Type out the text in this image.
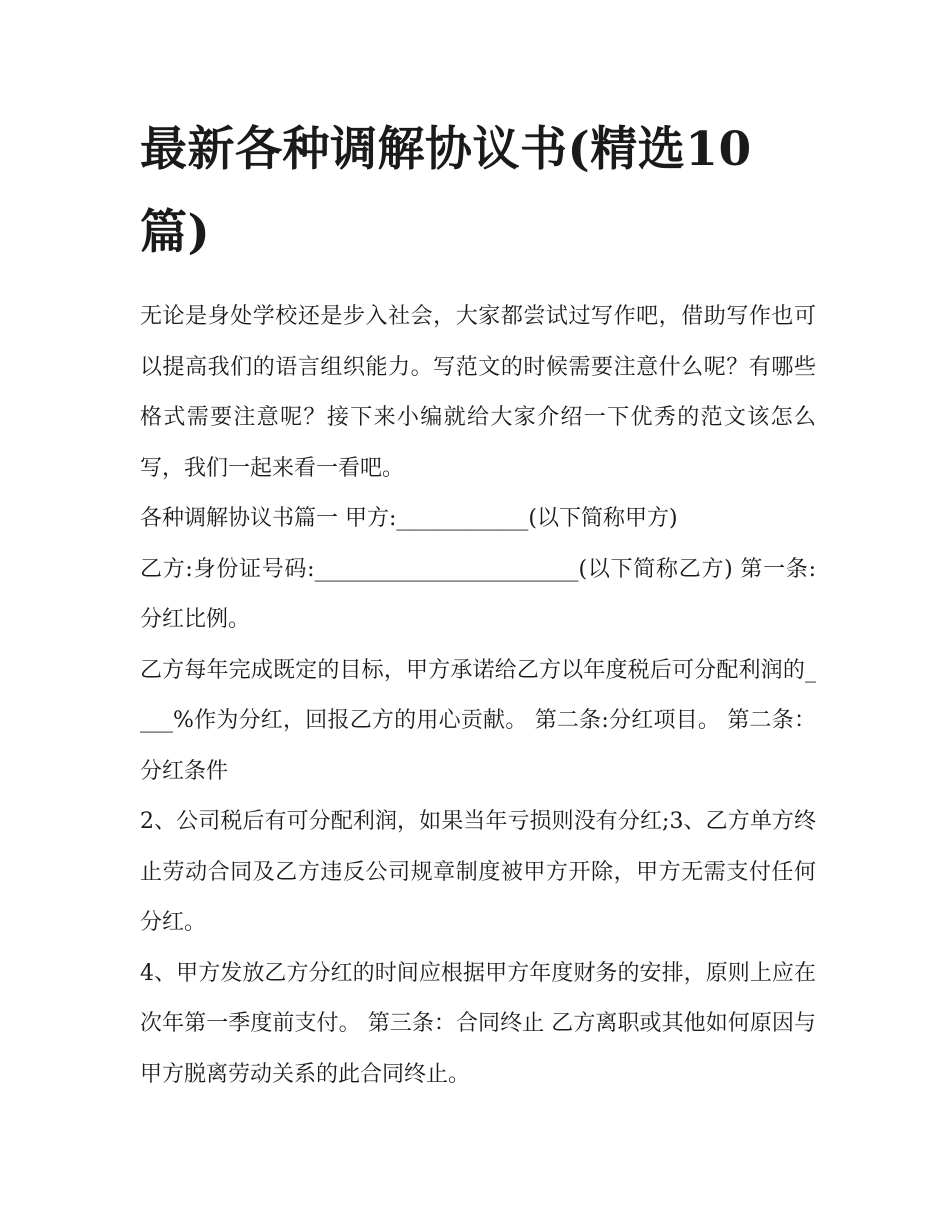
最新各种调解协议书(精选10篇)

无论是身处学校还是步入社会，大家都尝试过写作吧，借助写作也可以提高我们的语言组织能力。写范文的时候需要注意什么呢？有哪些格式需要注意呢？接下来小编就给大家介绍一下优秀的范文该怎么写，我们一起来看一看吧。

各种调解协议书篇一 甲方:____________(以下简称甲方)

乙方:身份证号码:________________________(以下简称乙方) 第一条:分红比例。

乙方每年完成既定的目标，甲方承诺给乙方以年度税后可分配利润的____%作为分红，回报乙方的用心贡献。 第二条:分红项目。 第二条：分红条件

2、公司税后有可分配利润，如果当年亏损则没有分红;3、乙方单方终止劳动合同及乙方违反公司规章制度被甲方开除，甲方无需支付任何分红。

4、甲方发放乙方分红的时间应根据甲方年度财务的安排，原则上应在次年第一季度前支付。 第三条：合同终止 乙方离职或其他如何原因与甲方脱离劳动关系的此合同终止。
